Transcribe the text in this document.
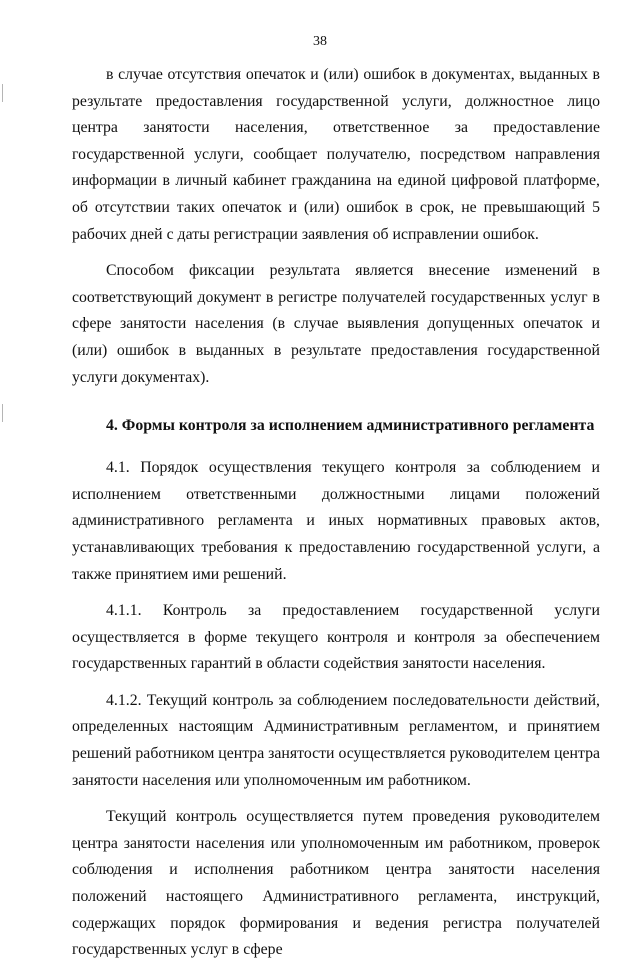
38

в случае отсутствия опечаток и (или) ошибок в документах, выданных в результате предоставления государственной услуги, должностное лицо центра занятости населения, ответственное за предоставление государственной услуги, сообщает получателю, посредством направления информации в личный кабинет гражданина на единой цифровой платформе, об отсутствии таких опечаток и (или) ошибок в срок, не превышающий 5 рабочих дней с даты регистрации заявления об исправлении ошибок.

Способом фиксации результата является внесение изменений в соответствующий документ в регистре получателей государственных услуг в сфере занятости населения (в случае выявления допущенных опечаток и (или) ошибок в выданных в результате предоставления государственной услуги документах).

4. Формы контроля за исполнением административного регламента

4.1. Порядок осуществления текущего контроля за соблюдением и исполнением ответственными должностными лицами положений административного регламента и иных нормативных правовых актов, устанавливающих требования к предоставлению государственной услуги, а также принятием ими решений.

4.1.1. Контроль за предоставлением государственной услуги осуществляется в форме текущего контроля и контроля за обеспечением государственных гарантий в области содействия занятости населения.

4.1.2. Текущий контроль за соблюдением последовательности действий, определенных настоящим Административным регламентом, и принятием решений работником центра занятости осуществляется руководителем центра занятости населения или уполномоченным им работником.

Текущий контроль осуществляется путем проведения руководителем центра занятости населения или уполномоченным им работником, проверок соблюдения и исполнения работником центра занятости населения положений настоящего Административного регламента, инструкций, содержащих порядок формирования и ведения регистра получателей государственных услуг в сфере
